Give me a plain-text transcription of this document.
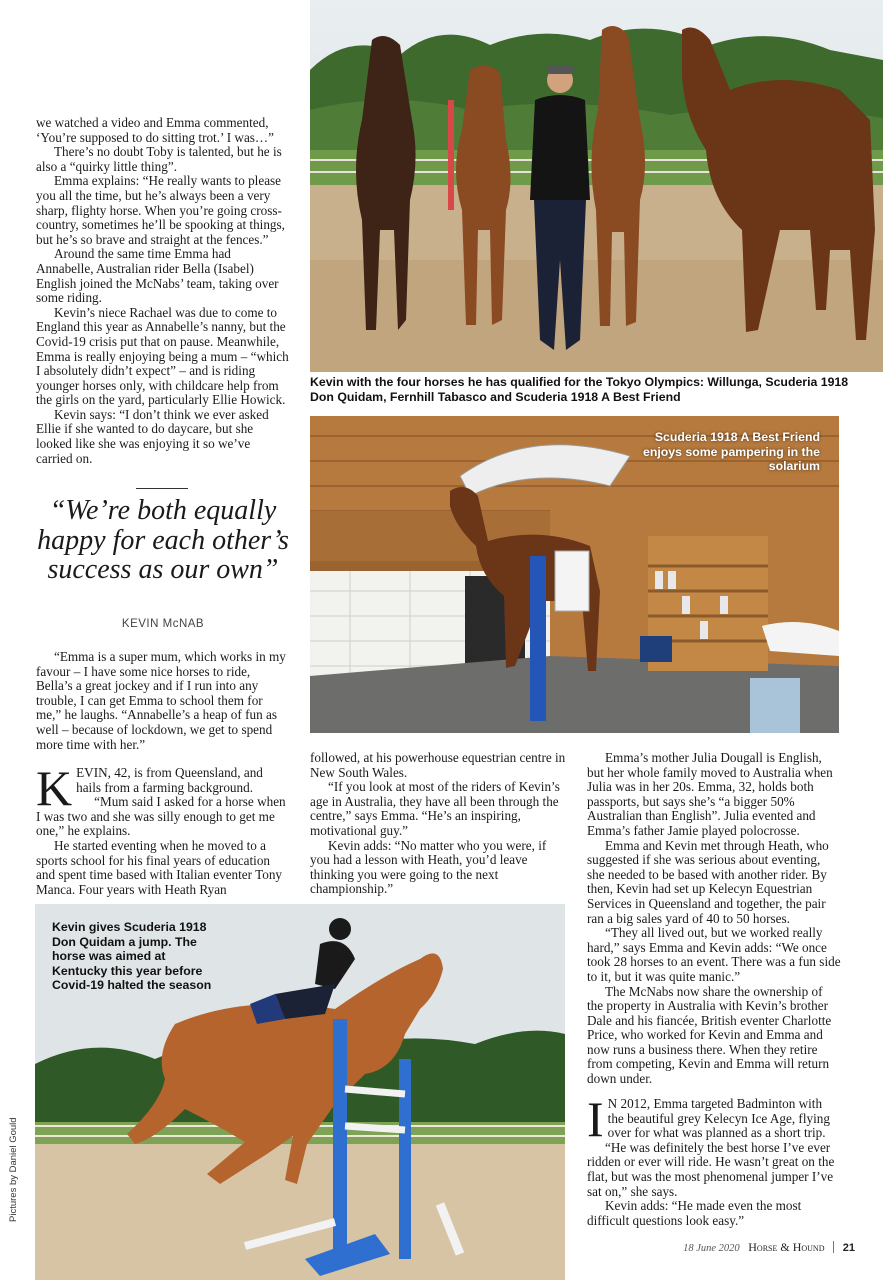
Kevin with the four horses he has qualified for the Tokyo Olympics: Willunga, Scuderia 1918 Don Quidam, Fernhill Tabasco and Scuderia 1918 A Best Friend
Scuderia 1918 A Best Friend enjoys some pampering in the solarium
Kevin gives Scuderia 1918 Don Quidam a jump. The horse was aimed at Kentucky this year before Covid-19 halted the season
Pictures by Daniel Gould

we watched a video and Emma commented, ‘You’re supposed to do sitting trot.’ I was…”

There’s no doubt Toby is talented, but he is also a “quirky little thing”.

Emma explains: “He really wants to please you all the time, but he’s always been a very sharp, flighty horse. When you’re going cross-country, sometimes he’ll be spooking at things, but he’s so brave and straight at the fences.”

Around the same time Emma had Annabelle, Australian rider Bella (Isabel) English joined the McNabs’ team, taking over some riding.

Kevin’s niece Rachael was due to come to England this year as Annabelle’s nanny, but the Covid-19 crisis put that on pause. Meanwhile, Emma is really enjoying being a mum – “which I absolutely didn’t expect” – and is riding younger horses only, with childcare help from the girls on the yard, particularly Ellie Howick.

Kevin says: “I don’t think we ever asked Ellie if she wanted to do daycare, but she looked like she was enjoying it so we’ve carried on.

“We’re both equally happy for each other’s success as our own”
KEVIN McNAB

“Emma is a super mum, which works in my favour – I have some nice horses to ride, Bella’s a great jockey and if I run into any trouble, I can get Emma to school them for me,” he laughs. “Annabelle’s a heap of fun as well – because of lockdown, we get to spend more time with her.”

KEVIN, 42, is from Queensland, and hails from a farming background.

“Mum said I asked for a horse when I was two and she was silly enough to get me one,” he explains.

He started eventing when he moved to a sports school for his final years of education and spent time based with Italian eventer Tony Manca. Four years with Heath Ryan

followed, at his powerhouse equestrian centre in New South Wales.

“If you look at most of the riders of Kevin’s age in Australia, they have all been through the centre,” says Emma. “He’s an inspiring, motivational guy.”

Kevin adds: “No matter who you were, if you had a lesson with Heath, you’d leave thinking you were going to the next championship.”

Emma’s mother Julia Dougall is English, but her whole family moved to Australia when Julia was in her 20s. Emma, 32, holds both passports, but says she’s “a bigger 50% Australian than English”. Julia evented and Emma’s father Jamie played polocrosse.

Emma and Kevin met through Heath, who suggested if she was serious about eventing, she needed to be based with another rider. By then, Kevin had set up Kelecyn Equestrian Services in Queensland and together, the pair ran a big sales yard of 40 to 50 horses.

“They all lived out, but we worked really hard,” says Emma and Kevin adds: “We once took 28 horses to an event. There was a fun side to it, but it was quite manic.”

The McNabs now share the ownership of the property in Australia with Kevin’s brother Dale and his fiancée, British eventer Charlotte Price, who worked for Kevin and Emma and now runs a business there. When they retire from competing, Kevin and Emma will return down under.

I N 2012, Emma targeted Badminton with the beautiful grey Kelecyn Ice Age, flying over for what was planned as a short trip.

“He was definitely the best horse I’ve ever ridden or ever will ride. He wasn’t great on the flat, but was the most phenomenal jumper I’ve sat on,” she says.

Kevin adds: “He made even the most difficult questions look easy.”

18 June 2020 Horse & Hound 21
